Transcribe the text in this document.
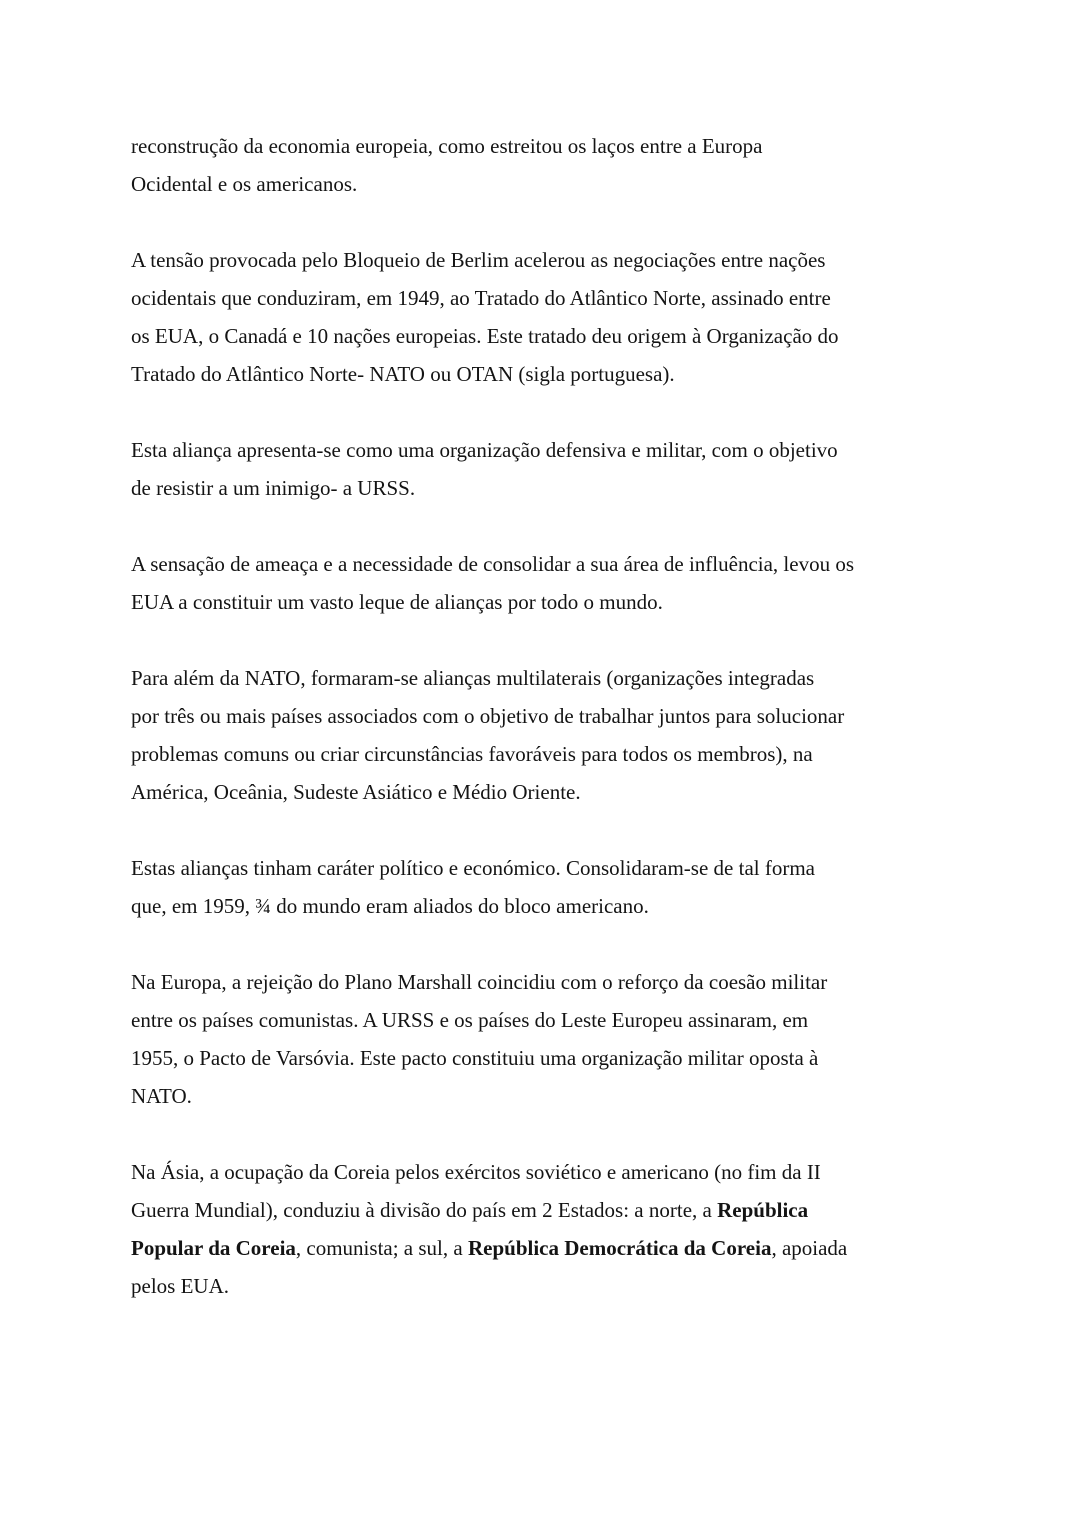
reconstrução da economia europeia, como estreitou os laços entre a Europa
Ocidental e os americanos.

A tensão provocada pelo Bloqueio de Berlim acelerou as negociações entre nações
ocidentais que conduziram, em 1949, ao Tratado do Atlântico Norte, assinado entre
os EUA, o Canadá e 10 nações europeias. Este tratado deu origem à Organização do
Tratado do Atlântico Norte- NATO ou OTAN (sigla portuguesa).

Esta aliança apresenta-se como uma organização defensiva e militar, com o objetivo
de resistir a um inimigo- a URSS.

A sensação de ameaça e a necessidade de consolidar a sua área de influência, levou os
EUA a constituir um vasto leque de alianças por todo o mundo.

Para além da NATO, formaram-se alianças multilaterais (organizações integradas
por três ou mais países associados com o objetivo de trabalhar juntos para solucionar
problemas comuns ou criar circunstâncias favoráveis para todos os membros), na
América, Oceânia, Sudeste Asiático e Médio Oriente.

Estas alianças tinham caráter político e económico. Consolidaram-se de tal forma
que, em 1959, ¾ do mundo eram aliados do bloco americano.

Na Europa, a rejeição do Plano Marshall coincidiu com o reforço da coesão militar
entre os países comunistas. A URSS e os países do Leste Europeu assinaram, em
1955, o Pacto de Varsóvia. Este pacto constituiu uma organização militar oposta à
NATO.

Na Ásia, a ocupação da Coreia pelos exércitos soviético e americano (no fim da II
Guerra Mundial), conduziu à divisão do país em 2 Estados: a norte, a República
Popular da Coreia, comunista; a sul, a República Democrática da Coreia, apoiada
pelos EUA.
